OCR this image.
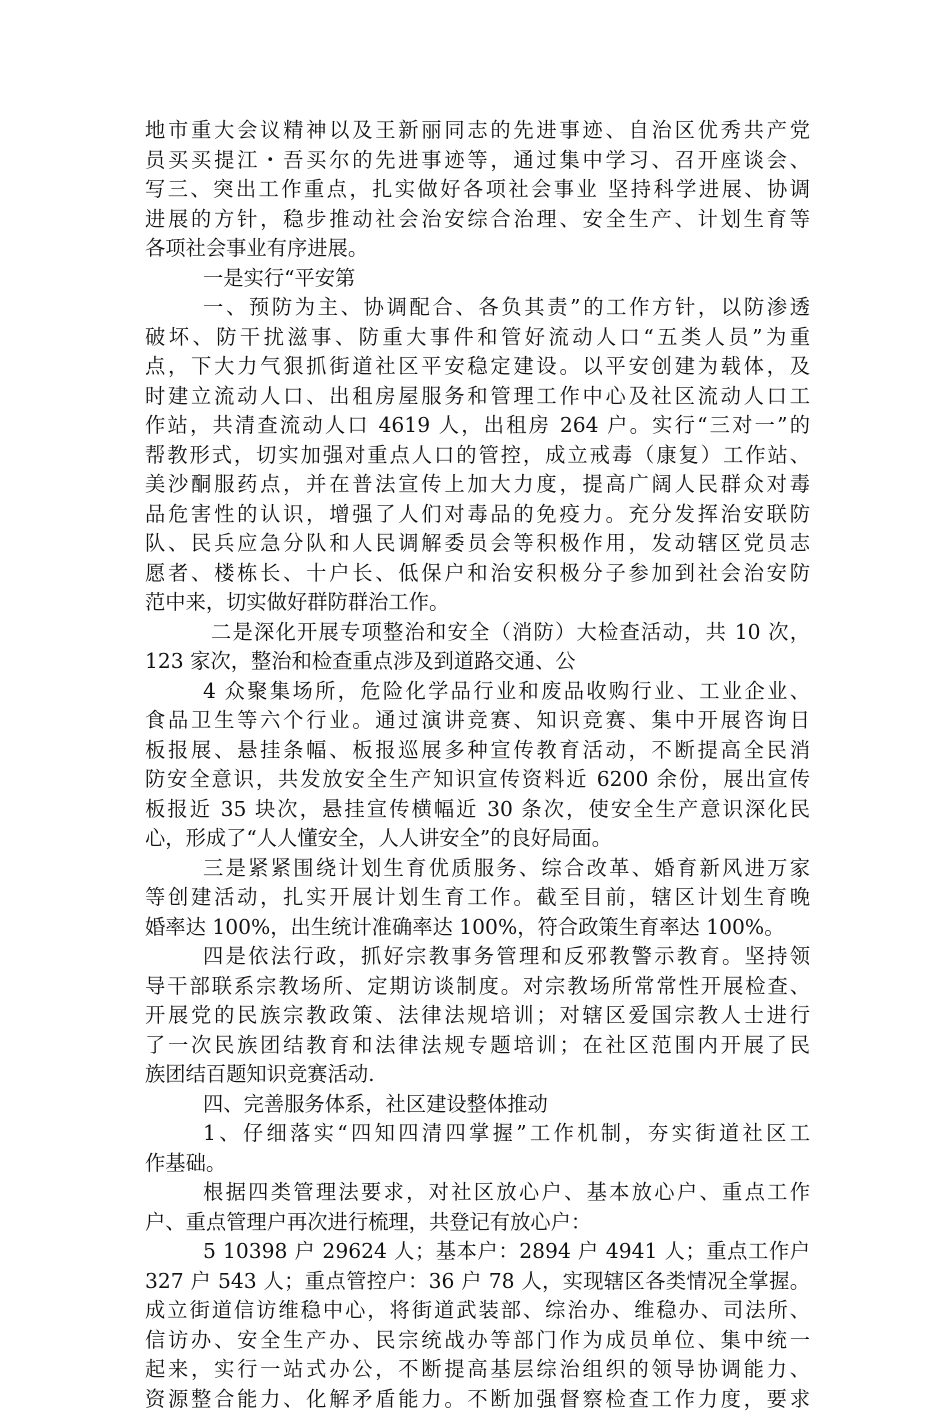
地市重大会议精神以及王新丽同志的先进事迹、自治区优秀共产党
员买买提江・吾买尔的先进事迹等，通过集中学习、召开座谈会、
写三、突出工作重点，扎实做好各项社会事业 坚持科学进展、协调
进展的方针，稳步推动社会治安综合治理、安全生产、计划生育等
各项社会事业有序进展。
一是实行“平安第
一、预防为主、协调配合、各负其责”的工作方针，以防渗透
破坏、防干扰滋事、防重大事件和管好流动人口“五类人员”为重
点，下大力气狠抓街道社区平安稳定建设。以平安创建为载体，及
时建立流动人口、出租房屋服务和管理工作中心及社区流动人口工
作站，共清查流动人口 4619 人，出租房 264 户。实行“三对一”的
帮教形式，切实加强对重点人口的管控，成立戒毒（康复）工作站、
美沙酮服药点，并在普法宣传上加大力度，提高广阔人民群众对毒
品危害性的认识，增强了人们对毒品的免疫力。充分发挥治安联防
队、民兵应急分队和人民调解委员会等积极作用，发动辖区党员志
愿者、楼栋长、十户长、低保户和治安积极分子参加到社会治安防
范中来，切实做好群防群治工作。
二是深化开展专项整治和安全（消防）大检查活动，共 10 次，
123 家次，整治和检查重点涉及到道路交通、公
4 众聚集场所，危险化学品行业和废品收购行业、工业企业、
食品卫生等六个行业。通过演讲竞赛、知识竞赛、集中开展咨询日
板报展、悬挂条幅、板报巡展多种宣传教育活动，不断提高全民消
防安全意识，共发放安全生产知识宣传资料近 6200 余份，展出宣传
板报近 35 块次，悬挂宣传横幅近 30 条次，使安全生产意识深化民
心，形成了“人人懂安全，人人讲安全”的良好局面。
三是紧紧围绕计划生育优质服务、综合改革、婚育新风进万家
等创建活动，扎实开展计划生育工作。截至目前，辖区计划生育晚
婚率达 100%，出生统计准确率达 100%，符合政策生育率达 100%。
四是依法行政，抓好宗教事务管理和反邪教警示教育。坚持领
导干部联系宗教场所、定期访谈制度。对宗教场所常常性开展检查、
开展党的民族宗教政策、法律法规培训；对辖区爱国宗教人士进行
了一次民族团结教育和法律法规专题培训；在社区范围内开展了民
族团结百题知识竞赛活动.
四、完善服务体系，社区建设整体推动
1、仔细落实“四知四清四掌握”工作机制，夯实街道社区工
作基础。
根据四类管理法要求，对社区放心户、基本放心户、重点工作
户、重点管理户再次进行梳理，共登记有放心户：
5 10398 户 29624 人；基本户：2894 户 4941 人；重点工作户
327 户 543 人；重点管控户：36 户 78 人，实现辖区各类情况全掌握。
成立街道信访维稳中心，将街道武装部、综治办、维稳办、司法所、
信访办、安全生产办、民宗统战办等部门作为成员单位、集中统一
起来，实行一站式办公，不断提高基层综治组织的领导协调能力、
资源整合能力、化解矛盾能力。不断加强督察检查工作力度，要求
